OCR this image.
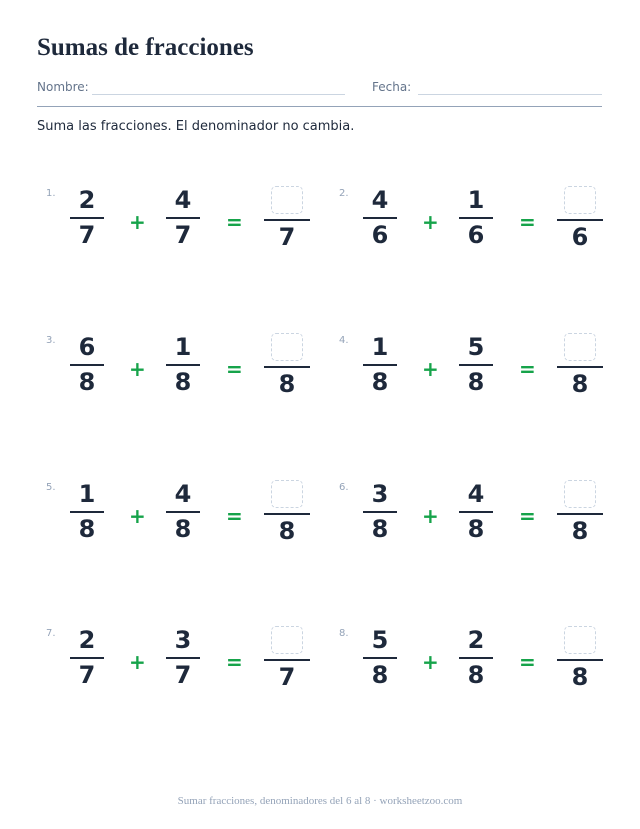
Sumas de fracciones
Nombre:	Fecha:
Suma las fracciones. El denominador no cambia.
1. 2
7	+
4
7	=
7
2. 4
6	+
1
6	=
6
3. 6
8	+
1
8	=
8
4. 1
8	+
5
8	=
8
5. 1
8	+
4
8	=
8
6. 3
8	+
4
8	=
8
7. 2
7	+
3
7	=
7
8. 5
8	+
2
8	=
8
Sumar fracciones, denominadores del 6 al 8 · worksheetzoo.com
